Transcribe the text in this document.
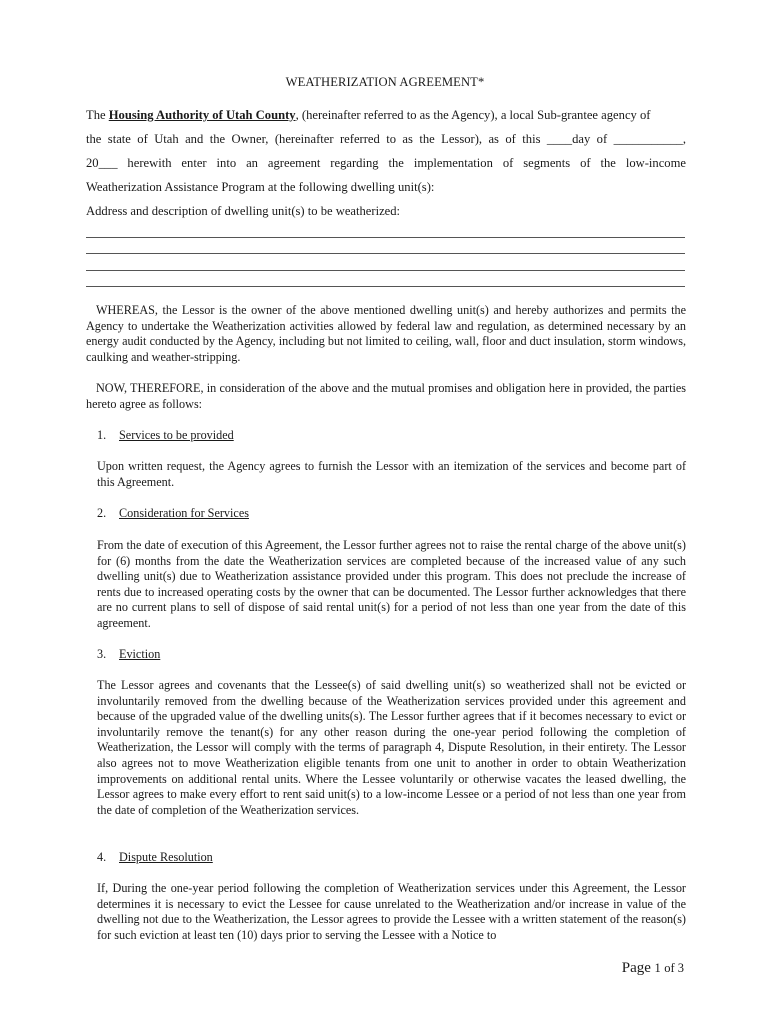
WEATHERIZATION AGREEMENT*

The Housing Authority of Utah County, (hereinafter referred to as the Agency), a local Sub-grantee agency of

the state of Utah and the Owner, (hereinafter referred to as the Lessor), as of this ____day of ___________,

20___ herewith enter into an agreement regarding the implementation of segments of the low-income

Weatherization Assistance Program at the following dwelling unit(s):

Address and description of dwelling unit(s) to be weatherized:

WHEREAS, the Lessor is the owner of the above mentioned dwelling unit(s) and hereby authorizes and permits the Agency to undertake the Weatherization activities allowed by federal law and regulation, as determined necessary by an energy audit conducted by the Agency, including but not limited to ceiling, wall, floor and duct insulation, storm windows, caulking and weather-stripping.

NOW, THEREFORE, in consideration of the above and the mutual promises and obligation here in provided, the parties hereto agree as follows:

1. Services to be provided

Upon written request, the Agency agrees to furnish the Lessor with an itemization of the services and become part of this Agreement.

2. Consideration for Services

From the date of execution of this Agreement, the Lessor further agrees not to raise the rental charge of the above unit(s) for (6) months from the date the Weatherization services are completed because of the increased value of any such dwelling unit(s) due to Weatherization assistance provided under this program. This does not preclude the increase of rents due to increased operating costs by the owner that can be documented. The Lessor further acknowledges that there are no current plans to sell of dispose of said rental unit(s) for a period of not less than one year from the date of this agreement.

3. Eviction

The Lessor agrees and covenants that the Lessee(s) of said dwelling unit(s) so weatherized shall not be evicted or involuntarily removed from the dwelling because of the Weatherization services provided under this agreement and because of the upgraded value of the dwelling units(s). The Lessor further agrees that if it becomes necessary to evict or involuntarily remove the tenant(s) for any other reason during the one-year period following the completion of Weatherization, the Lessor will comply with the terms of paragraph 4, Dispute Resolution, in their entirety. The Lessor also agrees not to move Weatherization eligible tenants from one unit to another in order to obtain Weatherization improvements on additional rental units. Where the Lessee voluntarily or otherwise vacates the leased dwelling, the Lessor agrees to make every effort to rent said unit(s) to a low-income Lessee or a period of not less than one year from the date of completion of the Weatherization services.

4. Dispute Resolution

If, During the one-year period following the completion of Weatherization services under this Agreement, the Lessor determines it is necessary to evict the Lessee for cause unrelated to the Weatherization and/or increase in value of the dwelling not due to the Weatherization, the Lessor agrees to provide the Lessee with a written statement of the reason(s) for such eviction at least ten (10) days prior to serving the Lessee with a Notice to

Page 1 of 3
